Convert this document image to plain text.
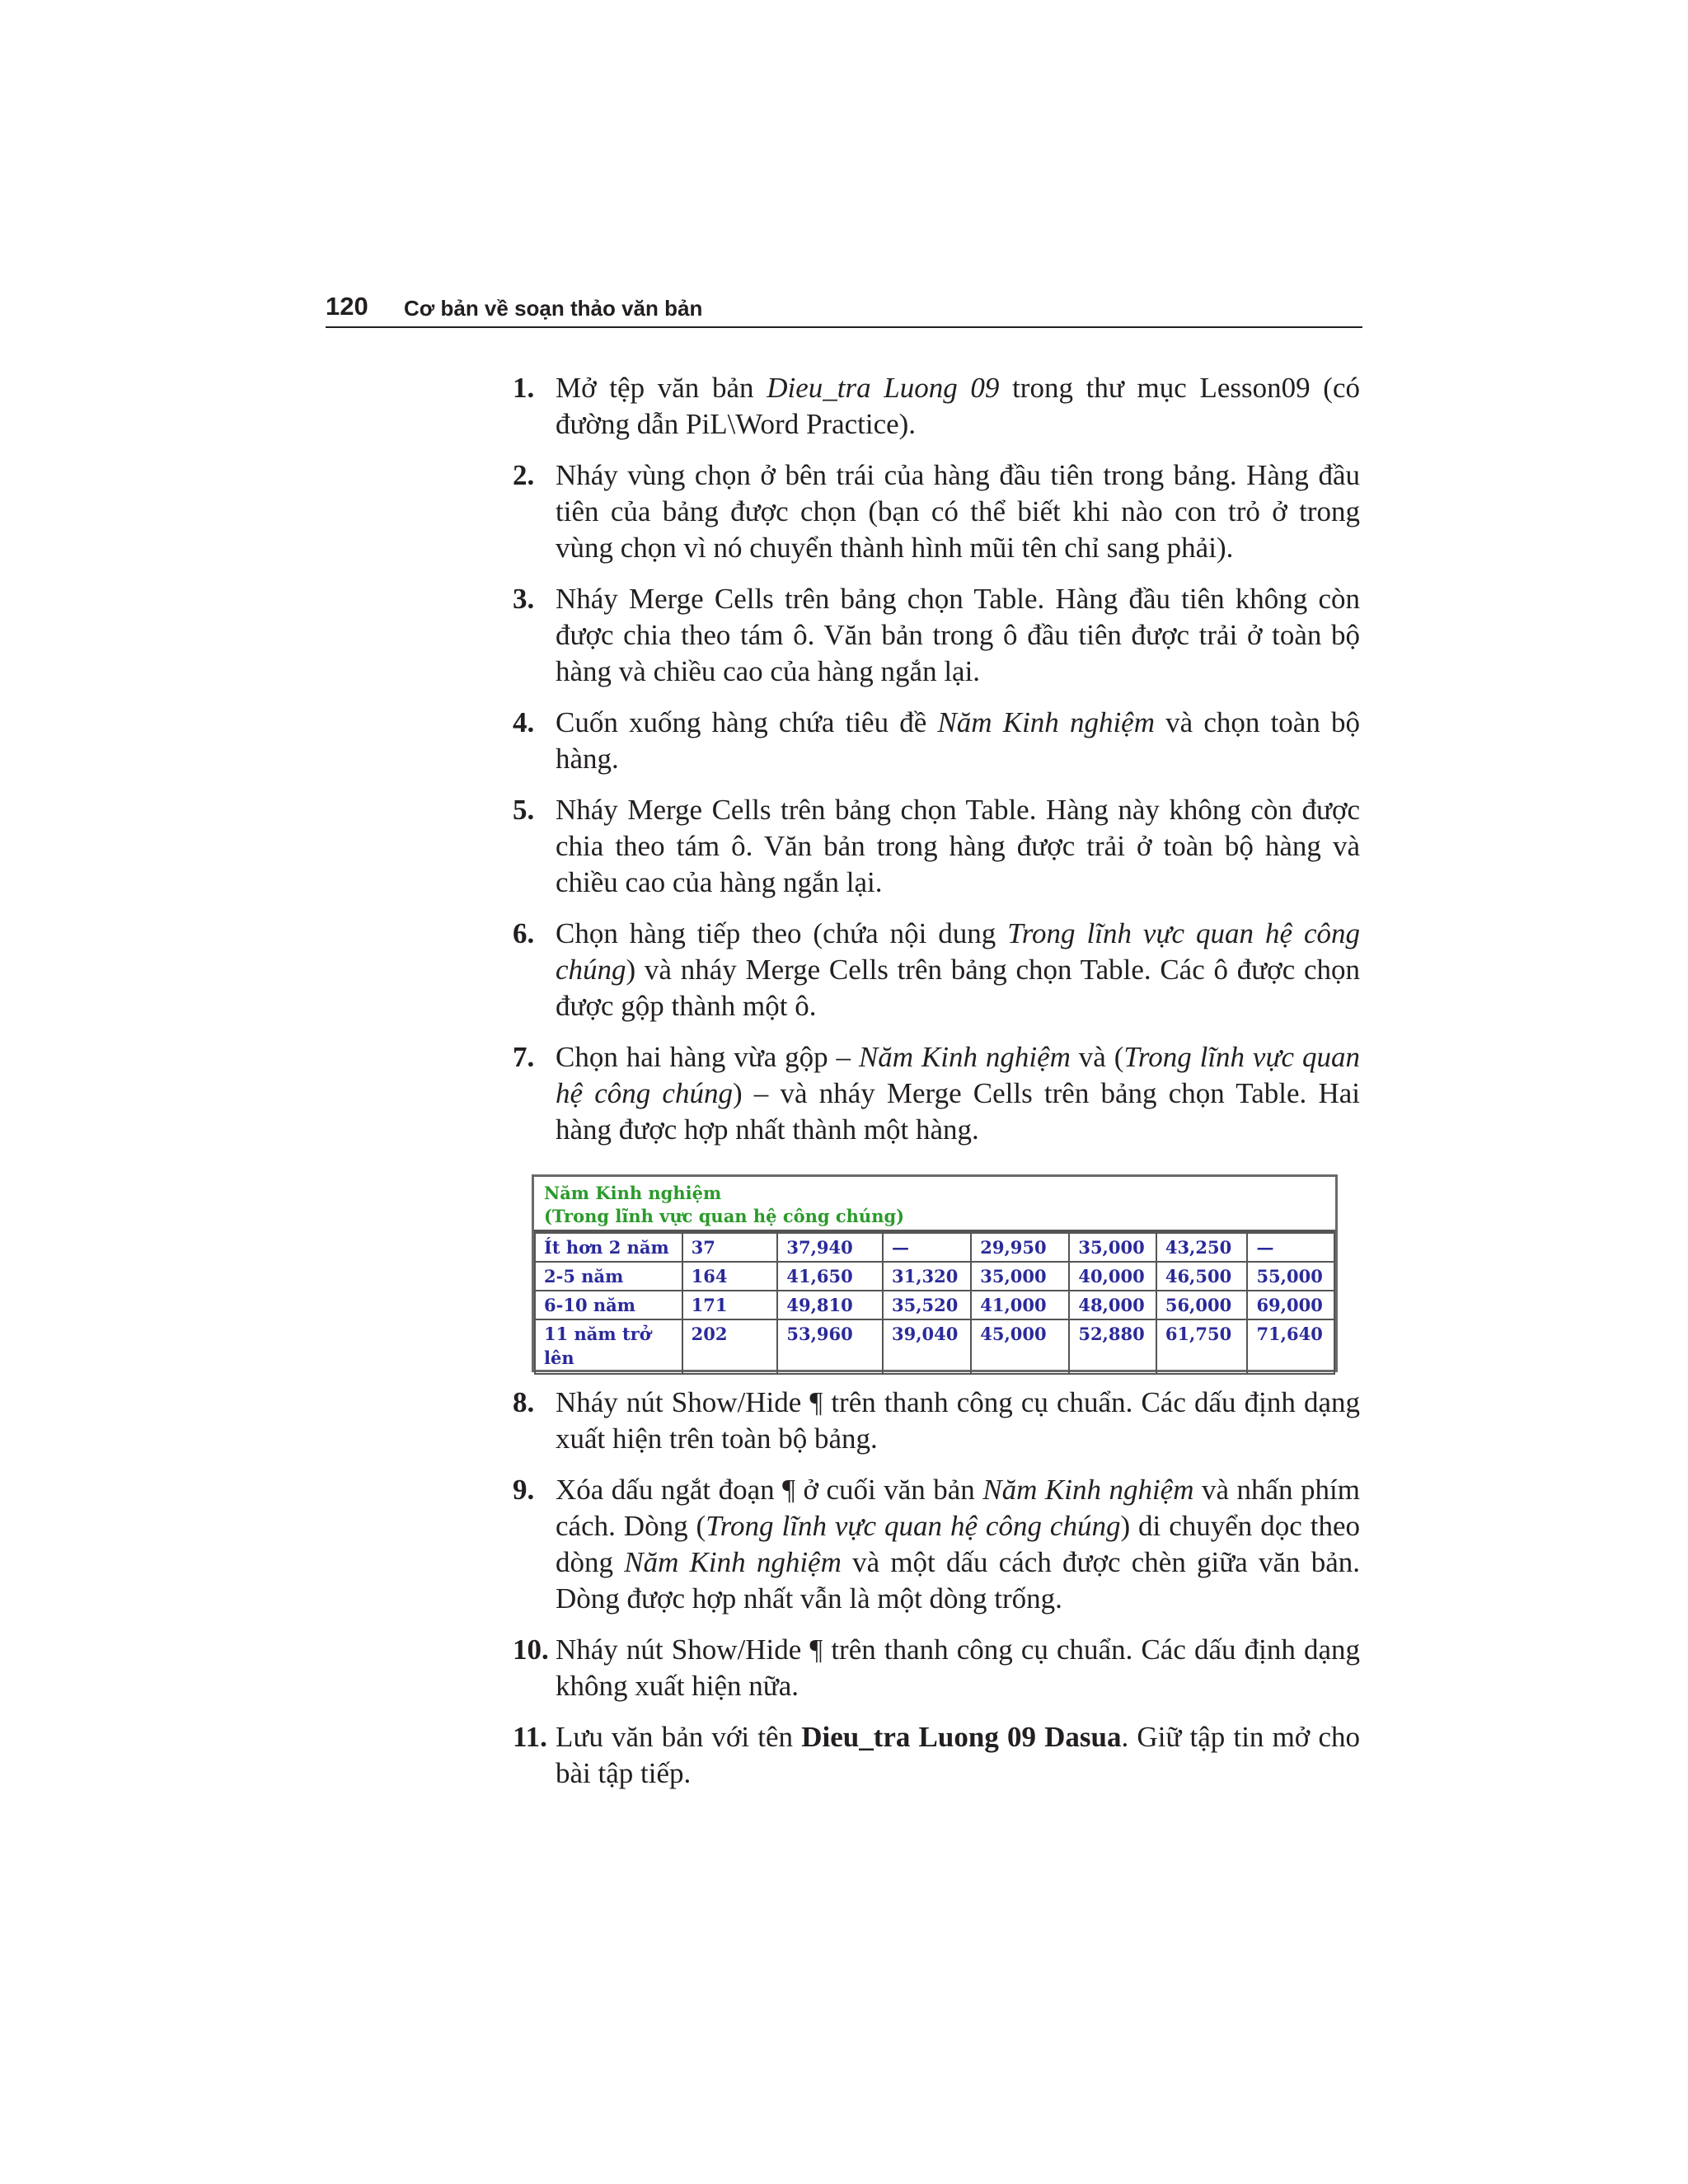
120 Cơ bản về soạn thảo văn bản
1. Mở tệp văn bản Dieu_tra Luong 09 trong thư mục Lesson09 (có đường dẫn PiL\Word Practice).
2. Nháy vùng chọn ở bên trái của hàng đầu tiên trong bảng. Hàng đầu tiên của bảng được chọn (bạn có thể biết khi nào con trỏ ở trong vùng chọn vì nó chuyển thành hình mũi tên chỉ sang phải).
3. Nháy Merge Cells trên bảng chọn Table. Hàng đầu tiên không còn được chia theo tám ô. Văn bản trong ô đầu tiên được trải ở toàn bộ hàng và chiều cao của hàng ngắn lại.
4. Cuốn xuống hàng chứa tiêu đề Năm Kinh nghiệm và chọn toàn bộ hàng.
5. Nháy Merge Cells trên bảng chọn Table. Hàng này không còn được chia theo tám ô. Văn bản trong hàng được trải ở toàn bộ hàng và chiều cao của hàng ngắn lại.
6. Chọn hàng tiếp theo (chứa nội dung Trong lĩnh vực quan hệ công chúng) và nháy Merge Cells trên bảng chọn Table. Các ô được chọn được gộp thành một ô.
7. Chọn hai hàng vừa gộp – Năm Kinh nghiệm và (Trong lĩnh vực quan hệ công chúng) – và nháy Merge Cells trên bảng chọn Table. Hai hàng được hợp nhất thành một hàng.
Năm Kinh nghiệm
(Trong lĩnh vực quan hệ công chúng)
Ít hơn 2 năm	37	37,940	—	29,950	35,000	43,250	—
2-5 năm	164	41,650	31,320	35,000	40,000	46,500	55,000
6-10 năm	171	49,810	35,520	41,000	48,000	56,000	69,000
11 năm trở lên	202	53,960	39,040	45,000	52,880	61,750	71,640
8. Nháy nút Show/Hide ¶ trên thanh công cụ chuẩn. Các dấu định dạng xuất hiện trên toàn bộ bảng.
9. Xóa dấu ngắt đoạn ¶ ở cuối văn bản Năm Kinh nghiệm và nhấn phím cách. Dòng (Trong lĩnh vực quan hệ công chúng) di chuyển dọc theo dòng Năm Kinh nghiệm và một dấu cách được chèn giữa văn bản. Dòng được hợp nhất vẫn là một dòng trống.
10. Nháy nút Show/Hide ¶ trên thanh công cụ chuẩn. Các dấu định dạng không xuất hiện nữa.
11. Lưu văn bản với tên Dieu_tra Luong 09 Dasua. Giữ tập tin mở cho bài tập tiếp.
